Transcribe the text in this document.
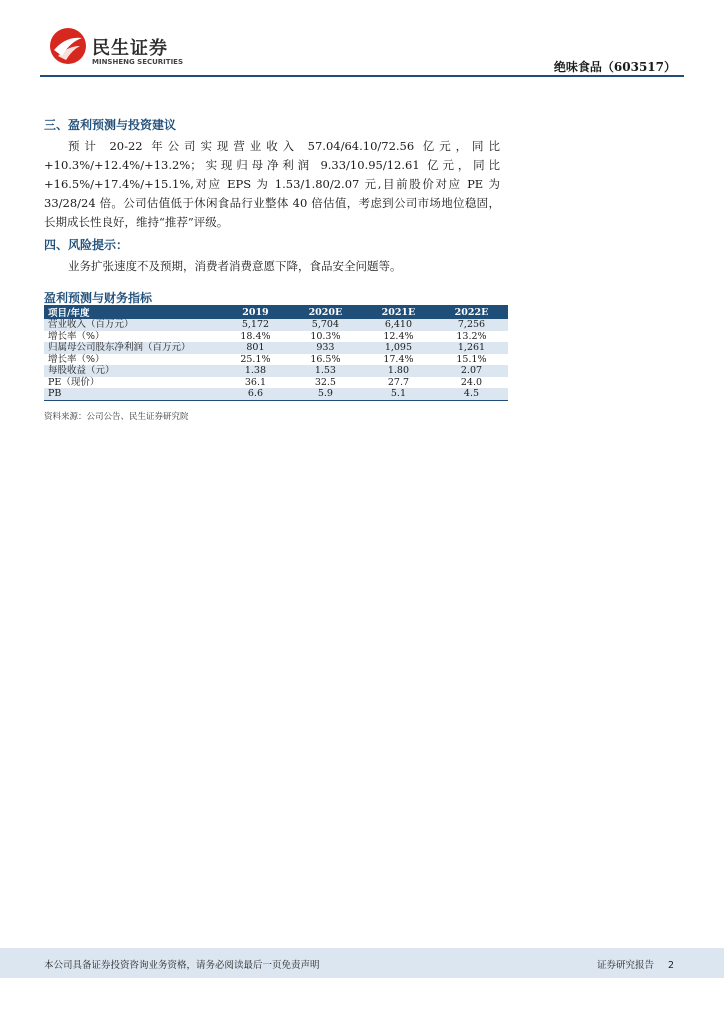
民生证券
MINSHENG SECURITIES	绝味食品（603517）

三、盈利预测与投资建议

预计 20-22 年公司实现营业收入 57.04/64.10/72.56 亿元，同比+10.3%/+12.4%/+13.2%；实现归母净利润 9.33/10.95/12.61 亿元，同比+16.5%/+17.4%/+15.1%,对应 EPS 为 1.53/1.80/2.07 元,目前股价对应 PE 为 33/28/24 倍。公司估值低于休闲食品行业整体 40 倍估值，考虑到公司市场地位稳固，长期成长性良好，维持“推荐”评级。

四、风险提示：

业务扩张速度不及预期，消费者消费意愿下降，食品安全问题等。

盈利预测与财务指标
项目/年度	2019	2020E	2021E	2022E
营业收入（百万元）	5,172	5,704	6,410	7,256
增长率（%）	18.4%	10.3%	12.4%	13.2%
归属母公司股东净利润（百万元）	801	933	1,095	1,261
增长率（%）	25.1%	16.5%	17.4%	15.1%
每股收益（元）	1.38	1.53	1.80	2.07
PE（现价）	36.1	32.5	27.7	24.0
PB	6.6	5.9	5.1	4.5
资料来源：公司公告、民生证券研究院
本公司具备证券投资咨询业务资格，请务必阅读最后一页免责声明	证券研究报告 2
